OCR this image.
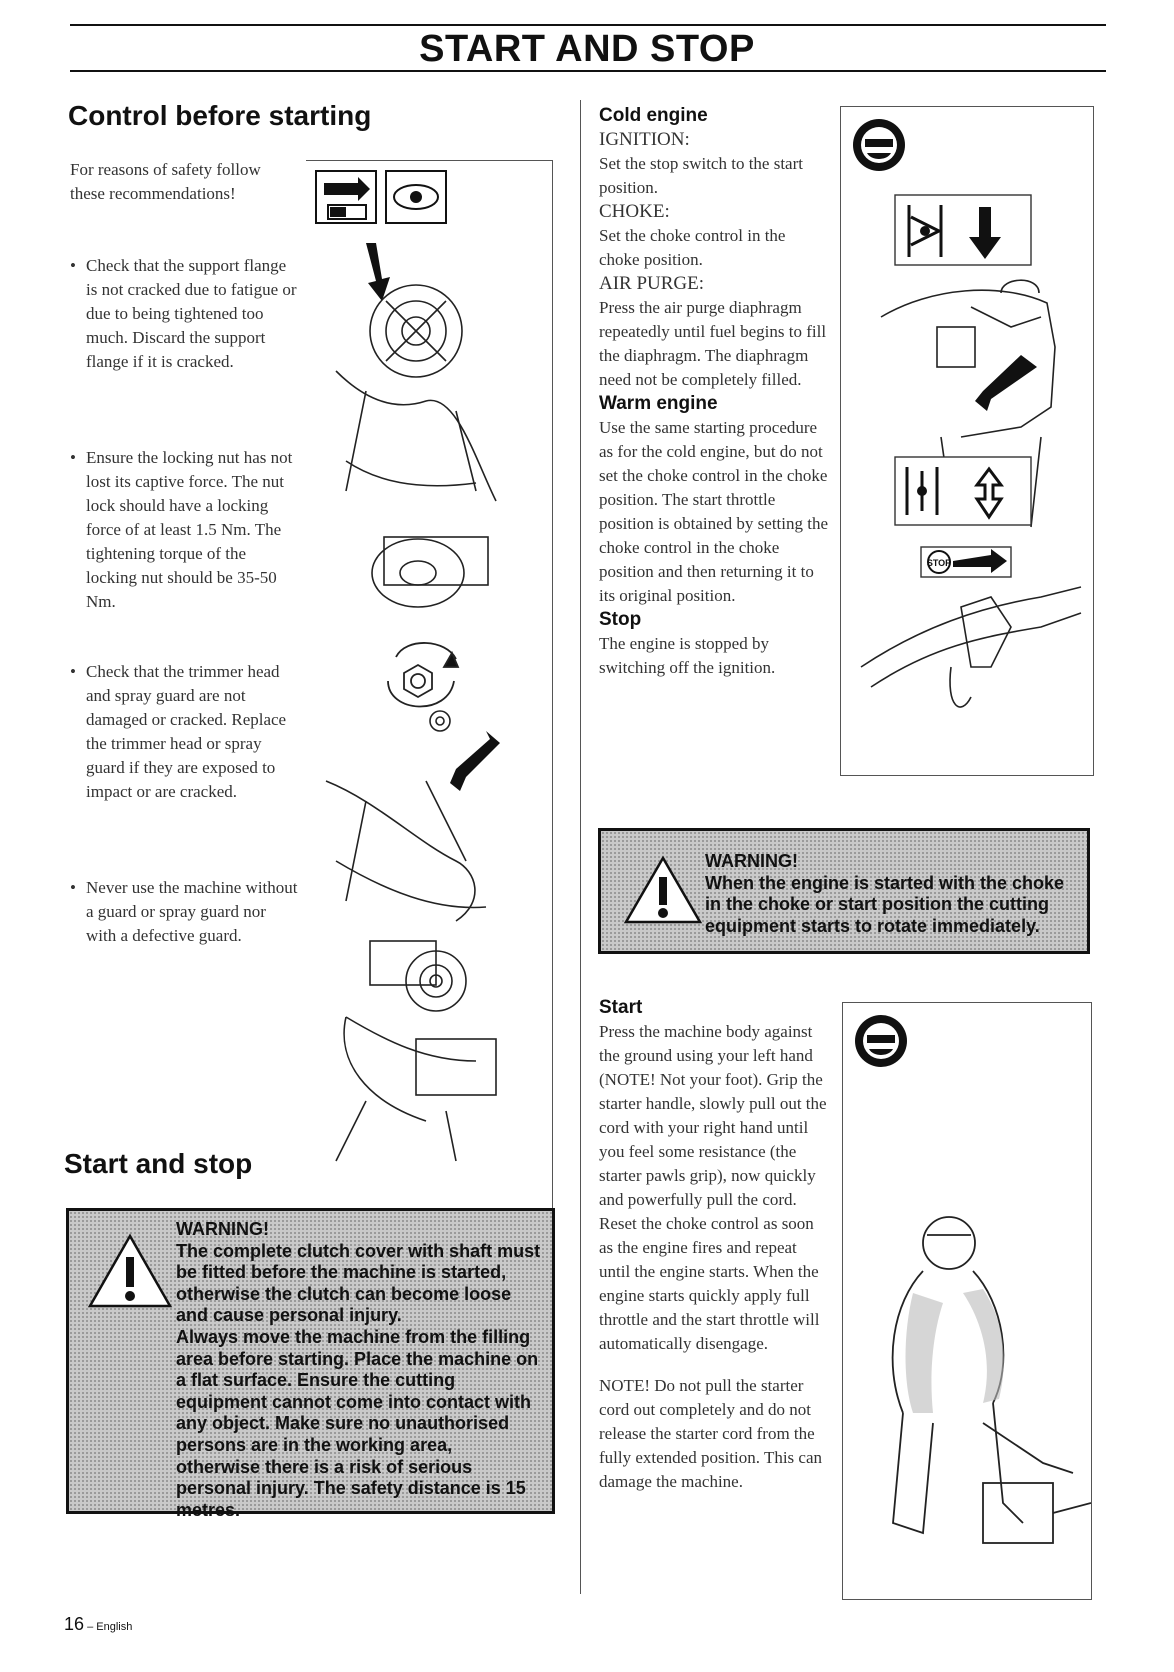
START AND STOP
Control before starting
For reasons of safety follow these recommendations!
• Check that the support flange is not cracked due to fatigue or due to being tightened too much. Discard the support flange if it is cracked.
• Ensure the locking nut has not lost its captive force. The nut lock should have a locking force of at least 1.5 Nm. The tightening torque of the locking nut should be 35-50 Nm.
• Check that the trimmer head and spray guard are not damaged or cracked. Replace the trimmer head or spray guard if they are exposed to impact or are cracked.
• Never use the machine without a guard or spray guard nor with a defective guard.
Start and stop
WARNING!
The complete clutch cover with shaft must
be fitted before the machine is started,
otherwise the clutch can become loose
and cause personal injury.
Always move the machine from the filling
area before starting. Place the machine on
a flat surface. Ensure the cutting
equipment cannot come into contact with
any object. Make sure no unauthorised
persons are in the working area,
otherwise there is a risk of serious
personal injury. The safety distance is 15
metres.
Cold engine
IGNITION:
Set the stop switch to the start position.
CHOKE:
Set the choke control in the choke position.
AIR PURGE:
Press the air purge diaphragm repeatedly until fuel begins to fill the diaphragm. The diaphragm need not be completely filled.
Warm engine
Use the same starting procedure as for the cold engine, but do not set the choke control in the choke position. The start throttle position is obtained by setting the choke control in the choke position and then returning it to its original position.
Stop
The engine is stopped by switching off the ignition.
STOP
WARNING!
When the engine is started with the choke
in the choke or start position the cutting
equipment starts to rotate immediately.
Start
Press the machine body against the ground using your left hand (NOTE! Not your foot). Grip the starter handle, slowly pull out the cord with your right hand until you feel some resistance (the starter pawls grip), now quickly and powerfully pull the cord. Reset the choke control as soon as the engine fires and repeat until the engine starts. When the engine starts quickly apply full throttle and the start throttle will automatically disengage.
NOTE! Do not pull the starter cord out completely and do not release the starter cord from the fully extended position. This can damage the machine.
16 – English
